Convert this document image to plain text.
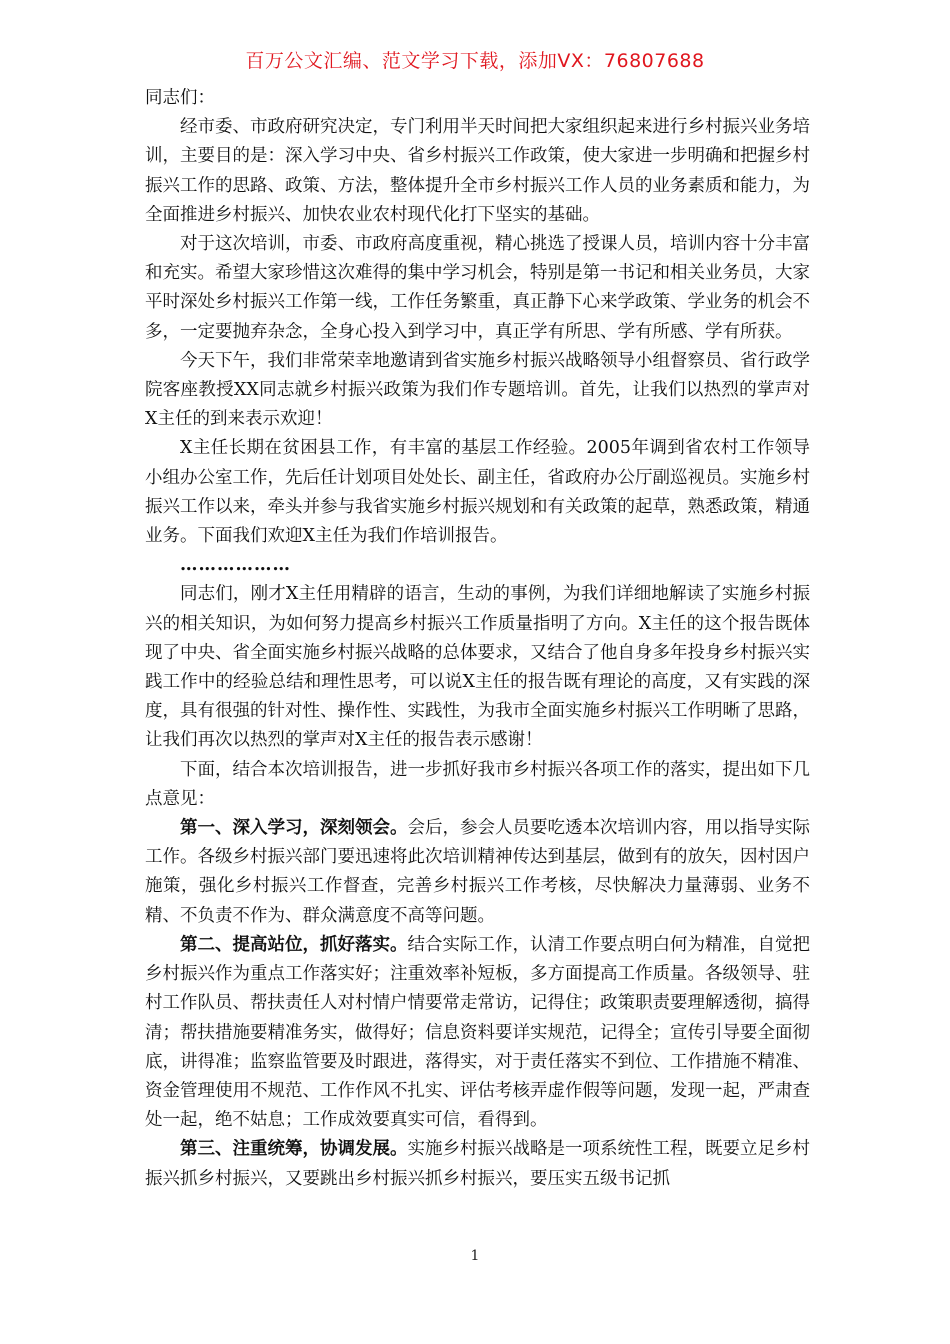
百万公文汇编、范文学习下载，添加VX：76807688

同志们：

经市委、市政府研究决定，专门利用半天时间把大家组织起来进行乡村振兴业务培训，主要目的是：深入学习中央、省乡村振兴工作政策，使大家进一步明确和把握乡村振兴工作的思路、政策、方法，整体提升全市乡村振兴工作人员的业务素质和能力，为全面推进乡村振兴、加快农业农村现代化打下坚实的基础。

对于这次培训，市委、市政府高度重视，精心挑选了授课人员，培训内容十分丰富和充实。希望大家珍惜这次难得的集中学习机会，特别是第一书记和相关业务员，大家平时深处乡村振兴工作第一线，工作任务繁重，真正静下心来学政策、学业务的机会不多，一定要抛弃杂念，全身心投入到学习中，真正学有所思、学有所感、学有所获。

今天下午，我们非常荣幸地邀请到省实施乡村振兴战略领导小组督察员、省行政学院客座教授XX同志就乡村振兴政策为我们作专题培训。首先，让我们以热烈的掌声对X主任的到来表示欢迎！

X主任长期在贫困县工作，有丰富的基层工作经验。2005年调到省农村工作领导小组办公室工作，先后任计划项目处处长、副主任，省政府办公厅副巡视员。实施乡村振兴工作以来，牵头并参与我省实施乡村振兴规划和有关政策的起草，熟悉政策，精通业务。下面我们欢迎X主任为我们作培训报告。

………………

同志们，刚才X主任用精辟的语言，生动的事例，为我们详细地解读了实施乡村振兴的相关知识，为如何努力提高乡村振兴工作质量指明了方向。X主任的这个报告既体现了中央、省全面实施乡村振兴战略的总体要求，又结合了他自身多年投身乡村振兴实践工作中的经验总结和理性思考，可以说X主任的报告既有理论的高度，又有实践的深度，具有很强的针对性、操作性、实践性，为我市全面实施乡村振兴工作明晰了思路，让我们再次以热烈的掌声对X主任的报告表示感谢！

下面，结合本次培训报告，进一步抓好我市乡村振兴各项工作的落实，提出如下几点意见：

第一、深入学习，深刻领会。会后，参会人员要吃透本次培训内容，用以指导实际工作。各级乡村振兴部门要迅速将此次培训精神传达到基层，做到有的放矢，因村因户施策，强化乡村振兴工作督查，完善乡村振兴工作考核，尽快解决力量薄弱、业务不精、不负责不作为、群众满意度不高等问题。

第二、提高站位，抓好落实。结合实际工作，认清工作要点明白何为精准，自觉把乡村振兴作为重点工作落实好；注重效率补短板，多方面提高工作质量。各级领导、驻村工作队员、帮扶责任人对村情户情要常走常访，记得住；政策职责要理解透彻，搞得清；帮扶措施要精准务实，做得好；信息资料要详实规范，记得全；宣传引导要全面彻底，讲得准；监察监管要及时跟进，落得实，对于责任落实不到位、工作措施不精准、资金管理使用不规范、工作作风不扎实、评估考核弄虚作假等问题，发现一起，严肃查处一起，绝不姑息；工作成效要真实可信，看得到。

第三、注重统筹，协调发展。实施乡村振兴战略是一项系统性工程，既要立足乡村振兴抓乡村振兴，又要跳出乡村振兴抓乡村振兴，要压实五级书记抓

1
